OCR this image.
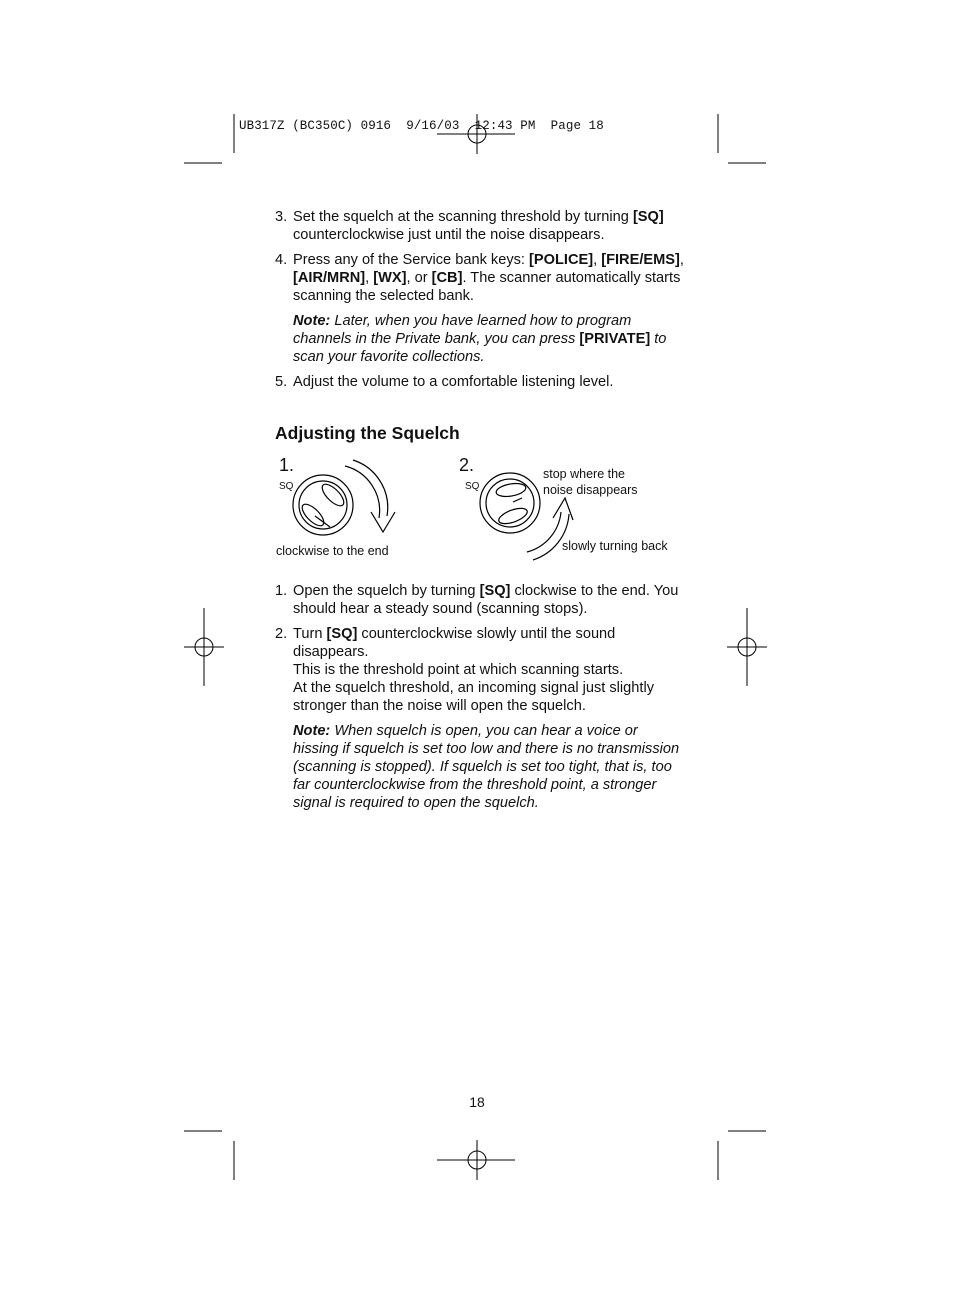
UB317Z (BC350C) 0916  9/16/03  12:43 PM  Page 18
3. Set the squelch at the scanning threshold by turning [SQ] counterclockwise just until the noise disappears.
4. Press any of the Service bank keys: [POLICE], [FIRE/EMS], [AIR/MRN], [WX], or [CB]. The scanner automatically starts scanning the selected bank.
Note: Later, when you have learned how to program channels in the Private bank, you can press [PRIVATE] to scan your favorite collections.
5. Adjust the volume to a comfortable listening level.
Adjusting the Squelch
1.
SQ
clockwise to the end
2.
SQ
stop where the
noise disappears
slowly turning back
1. Open the squelch by turning [SQ] clockwise to the end. You should hear a steady sound (scanning stops).
2. Turn [SQ] counterclockwise slowly until the sound disappears.
This is the threshold point at which scanning starts.
At the squelch threshold, an incoming signal just slightly stronger than the noise will open the squelch.
Note: When squelch is open, you can hear a voice or hissing if squelch is set too low and there is no transmission (scanning is stopped). If squelch is set too tight, that is, too far counterclockwise from the threshold point, a stronger signal is required to open the squelch.
18
